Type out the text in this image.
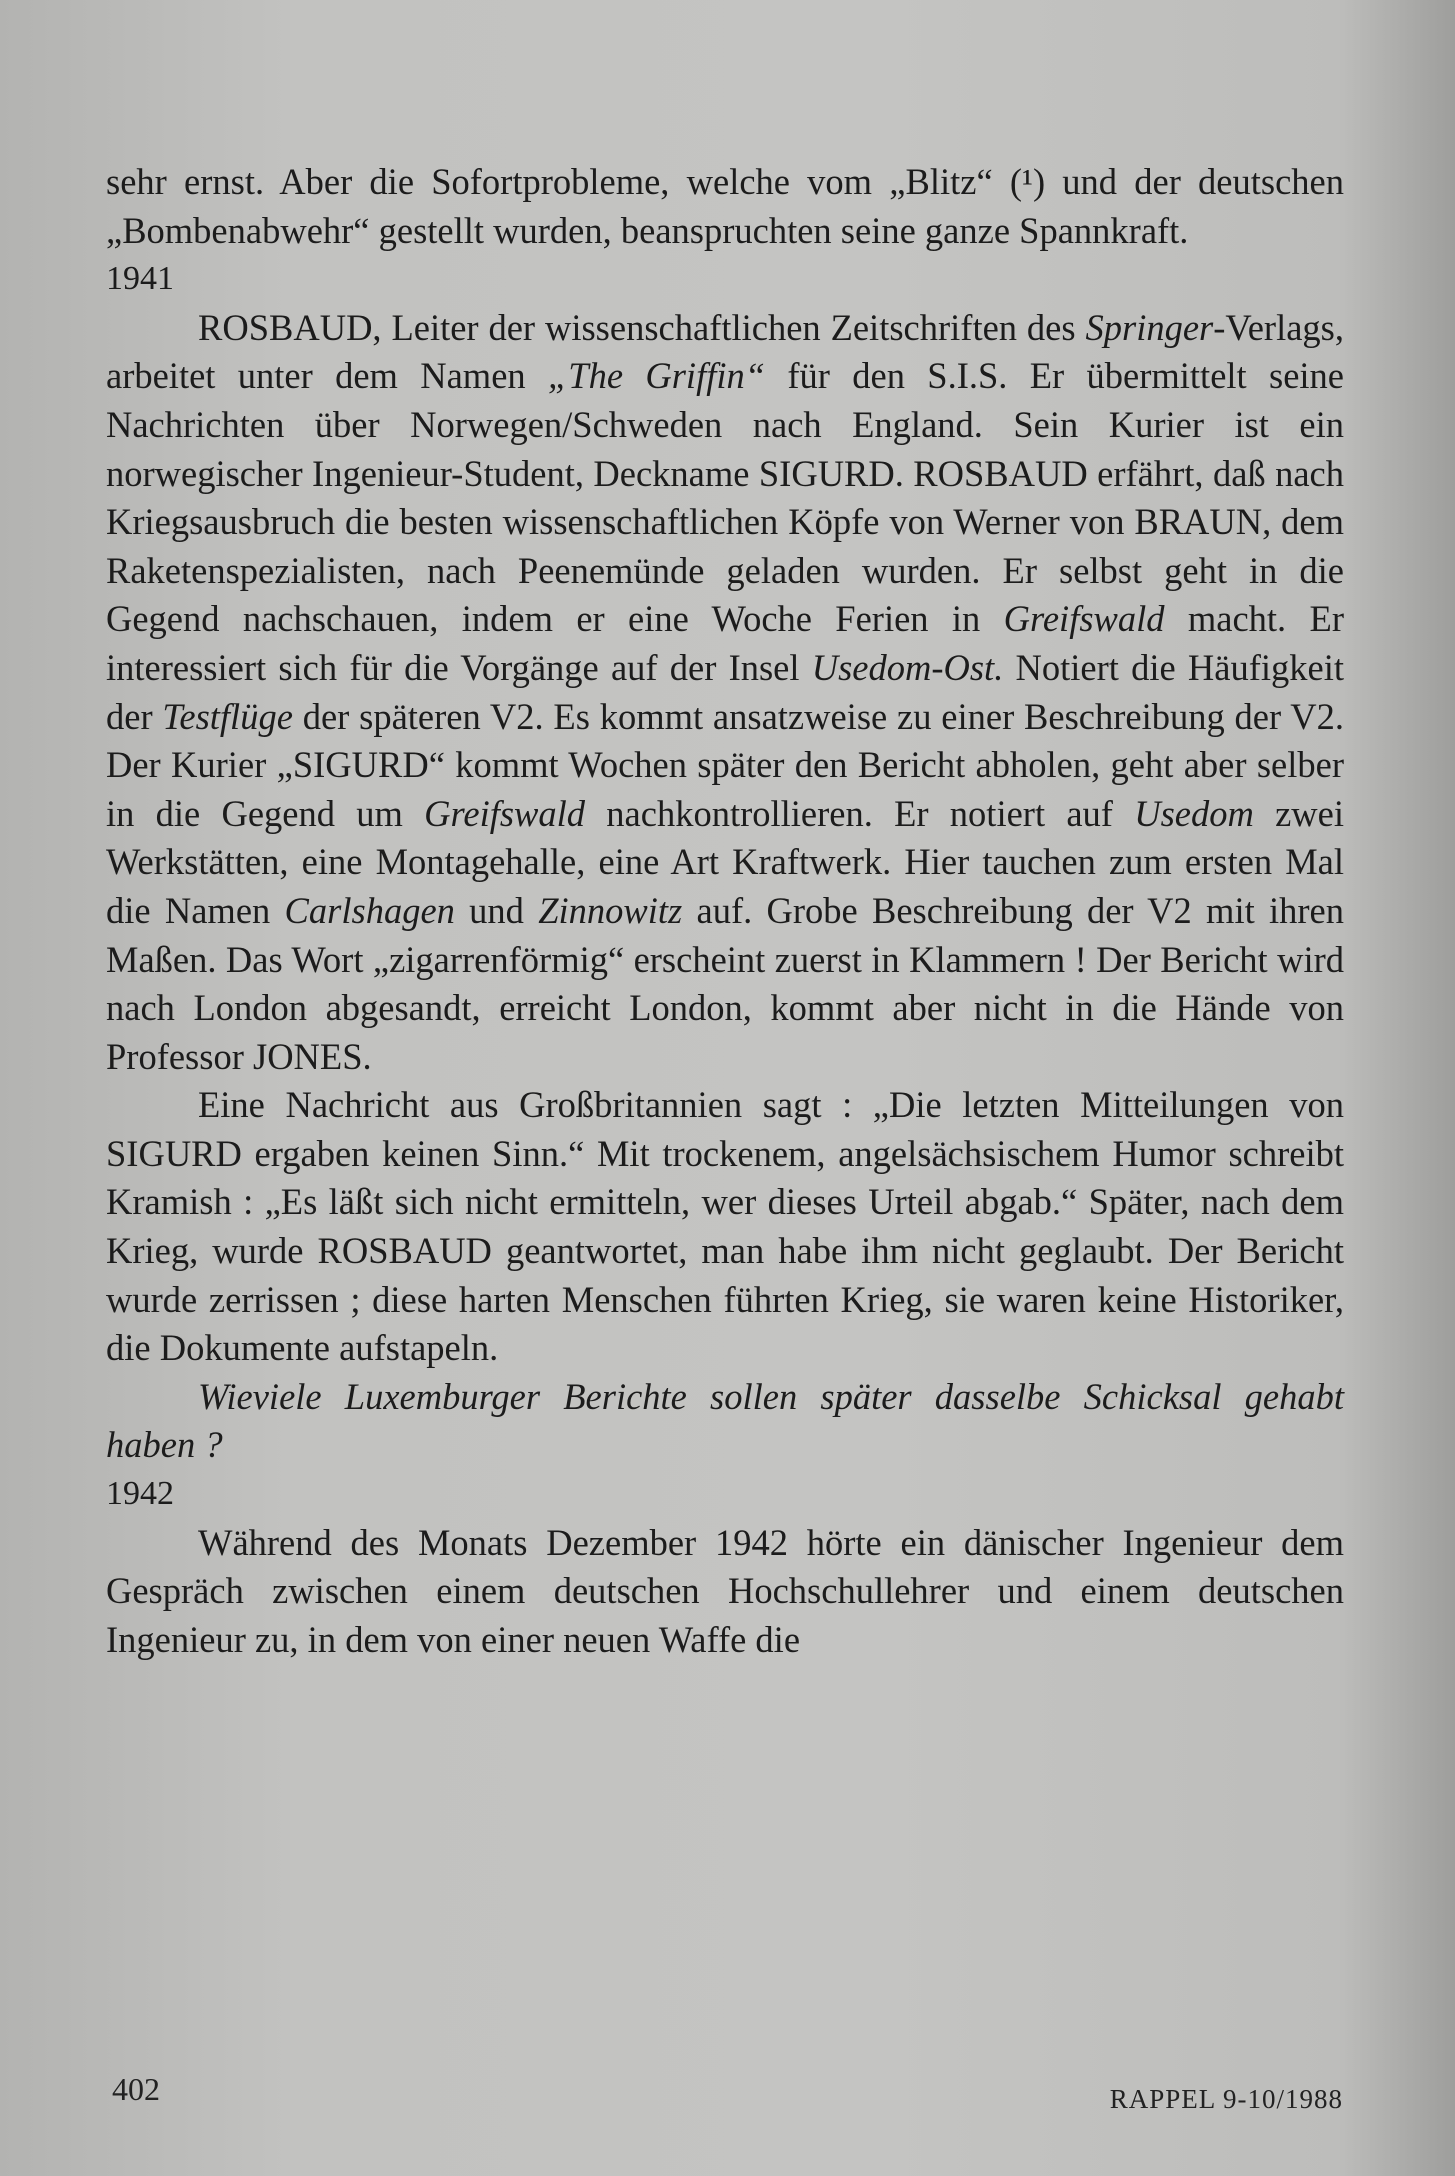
sehr ernst. Aber die Sofortprobleme, welche vom „Blitz“ (¹) und der deutschen „Bombenabwehr“ gestellt wurden, beanspruchten seine ganze Spannkraft.

1941

ROSBAUD, Leiter der wissenschaftlichen Zeitschriften des Springer-Verlags, arbeitet unter dem Namen „The Griffin“ für den S.I.S. Er übermittelt seine Nachrichten über Norwegen/Schweden nach England. Sein Kurier ist ein norwegischer Ingenieur-Student, Deckname SIGURD. ROSBAUD erfährt, daß nach Kriegsausbruch die besten wissenschaftlichen Köpfe von Werner von BRAUN, dem Raketenspezialisten, nach Peenemünde geladen wurden. Er selbst geht in die Gegend nachschauen, indem er eine Woche Ferien in Greifswald macht. Er interessiert sich für die Vorgänge auf der Insel Usedom-Ost. Notiert die Häufigkeit der Testflüge der späteren V2. Es kommt ansatzweise zu einer Beschreibung der V2. Der Kurier „SIGURD“ kommt Wochen später den Bericht abholen, geht aber selber in die Gegend um Greifswald nachkontrollieren. Er notiert auf Usedom zwei Werkstätten, eine Montagehalle, eine Art Kraftwerk. Hier tauchen zum ersten Mal die Namen Carlshagen und Zinnowitz auf. Grobe Beschreibung der V2 mit ihren Maßen. Das Wort „zigarrenförmig“ erscheint zuerst in Klammern ! Der Bericht wird nach London abgesandt, erreicht London, kommt aber nicht in die Hände von Professor JONES.

Eine Nachricht aus Großbritannien sagt : „Die letzten Mitteilungen von SIGURD ergaben keinen Sinn.“ Mit trockenem, angelsächsischem Humor schreibt Kramish : „Es läßt sich nicht ermitteln, wer dieses Urteil abgab.“ Später, nach dem Krieg, wurde ROSBAUD geantwortet, man habe ihm nicht geglaubt. Der Bericht wurde zerrissen ; diese harten Menschen führten Krieg, sie waren keine Historiker, die Dokumente aufstapeln.

Wieviele Luxemburger Berichte sollen später dasselbe Schicksal gehabt haben ?

1942

Während des Monats Dezember 1942 hörte ein dänischer Ingenieur dem Gespräch zwischen einem deutschen Hochschullehrer und einem deutschen Ingenieur zu, in dem von einer neuen Waffe die

402	RAPPEL 9-10/1988
